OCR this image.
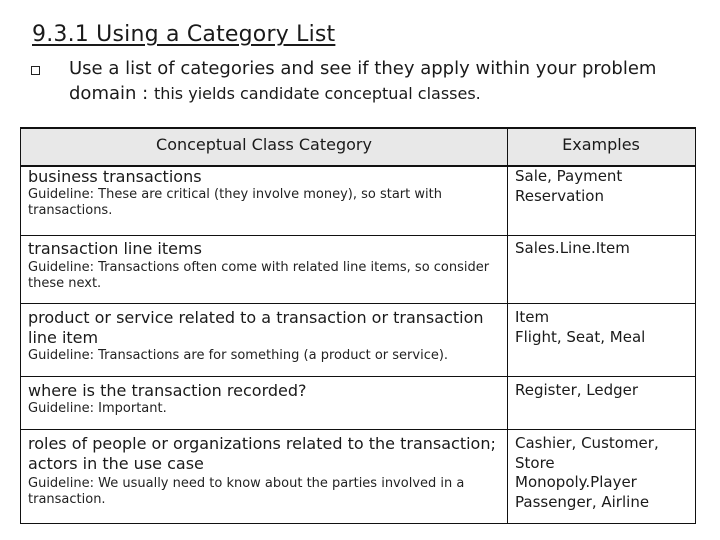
9.3.1 Using a Category List
Use a list of categories and see if they apply within your problem domain : this yields candidate conceptual classes.
Conceptual Class Category	Examples
business transactions
Guideline: These are critical (they involve money), so start with transactions.
Sale, Payment
Reservation
transaction line items
Guideline: Transactions often come with related line items, so consider these next.
Sales.Line.Item
product or service related to a transaction or transaction line item
Guideline: Transactions are for something (a product or service).
Item
Flight, Seat, Meal
where is the transaction recorded?
Guideline: Important.
Register, Ledger
roles of people or organizations related to the transaction; actors in the use case
Guideline: We usually need to know about the parties involved in a transaction.
Cashier, Customer,
Store
Monopoly.Player
Passenger, Airline
